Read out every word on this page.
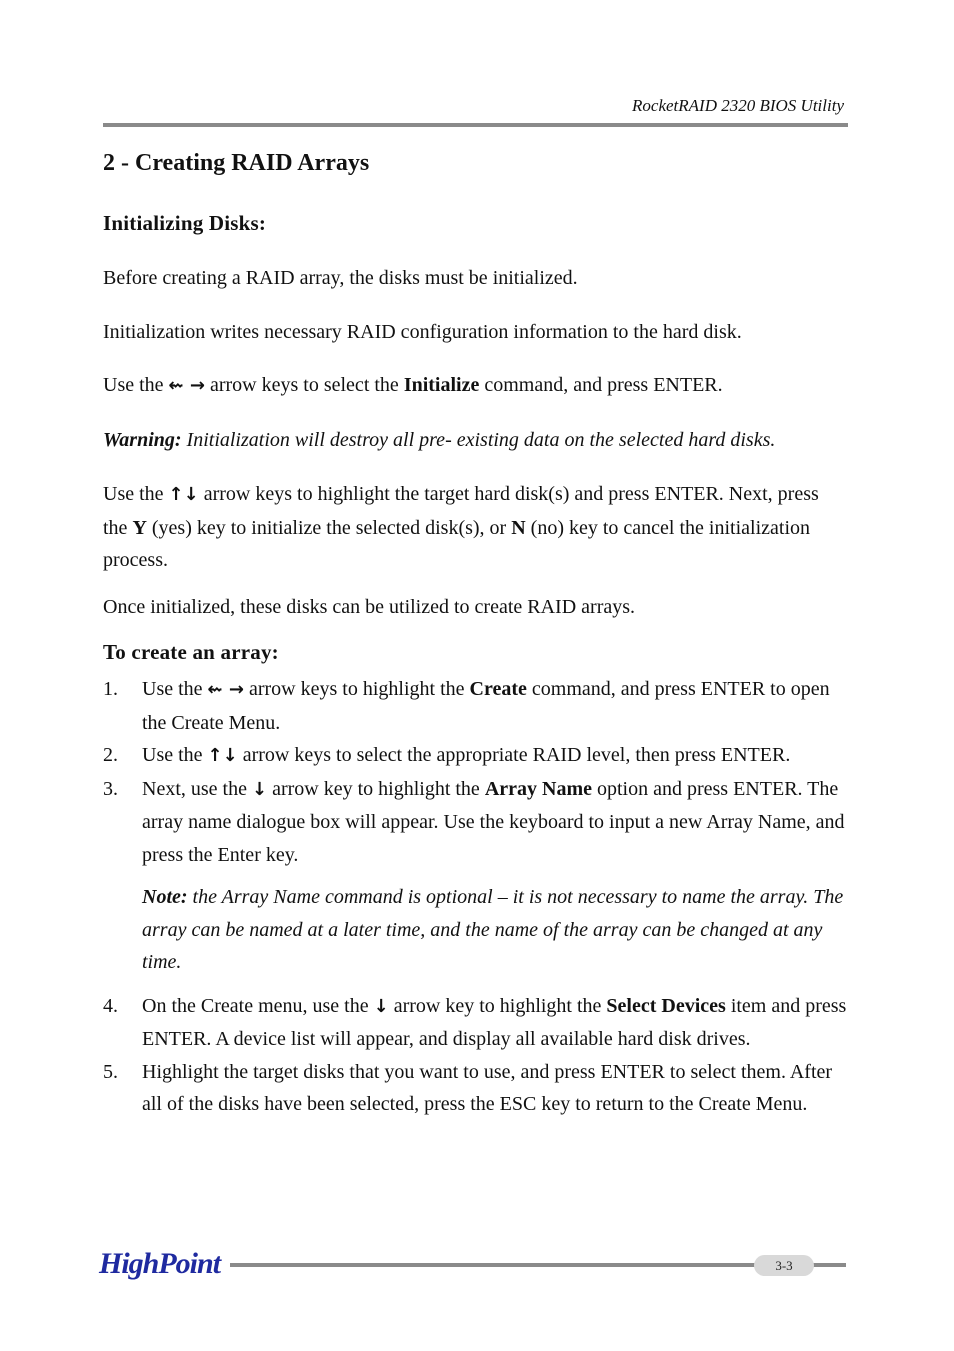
RocketRAID 2320 BIOS Utility
2 - Creating RAID Arrays
Initializing Disks:

Before creating a RAID array, the disks must be initialized.

Initialization writes necessary RAID configuration information to the hard disk.

Use the ⇜ → arrow keys to select the Initialize command, and press ENTER.

Warning: Initialization will destroy all pre- existing data on the selected hard disks.

Use the ↑↓ arrow keys to highlight the target hard disk(s) and press ENTER. Next, press the Y (yes) key to initialize the selected disk(s), or N (no) key to cancel the initialization process.

Once initialized, these disks can be utilized to create RAID arrays.

To create an array:
1. Use the ⇜ → arrow keys to highlight the Create command, and press ENTER to open the Create Menu.
2. Use the ↑↓ arrow keys to select the appropriate RAID level, then press ENTER.
3. Next, use the ↓ arrow key to highlight the Array Name option and press ENTER. The array name dialogue box will appear. Use the keyboard to input a new Array Name, and press the Enter key.

Note: the Array Name command is optional – it is not necessary to name the array. The array can be named at a later time, and the name of the array can be changed at any time.

4. On the Create menu, use the ↓ arrow key to highlight the Select Devices item and press ENTER. A device list will appear, and display all available hard disk drives.
5. Highlight the target disks that you want to use, and press ENTER to select them. After all of the disks have been selected, press the ESC key to return to the Create Menu.
HighPoint	3-3
